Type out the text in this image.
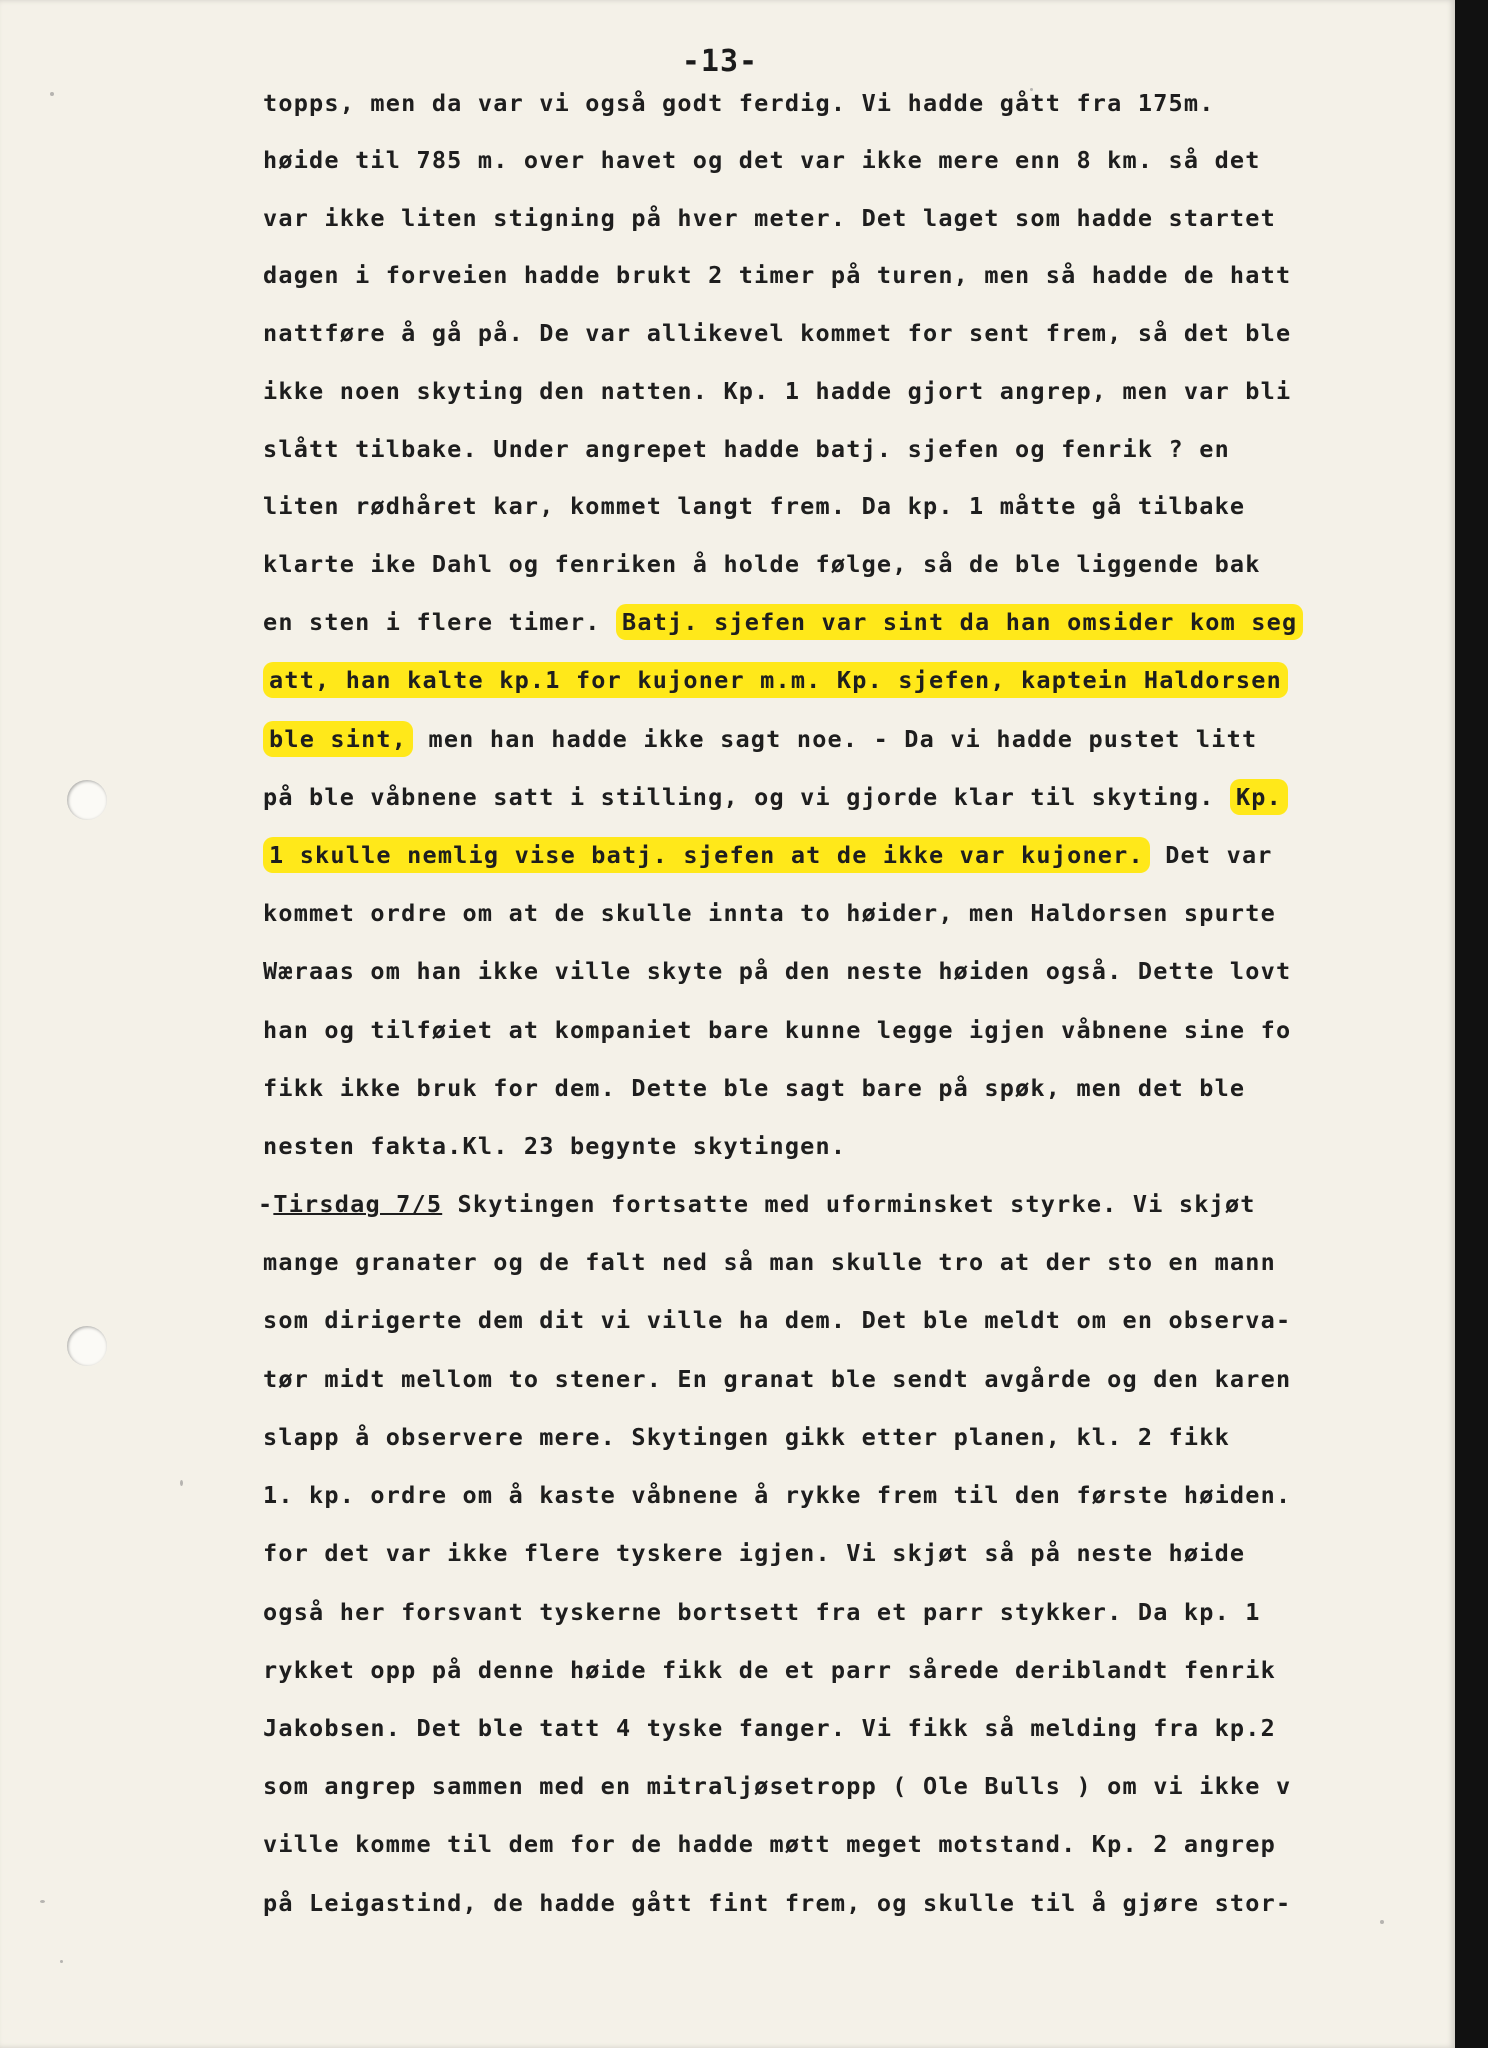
-13-
topps, men da var vi også godt ferdig. Vi hadde gått fra 175m.
høide til 785 m. over havet og det var ikke mere enn 8 km. så det
var ikke liten stigning på hver meter. Det laget som hadde startet
dagen i forveien hadde brukt 2 timer på turen, men så hadde de hatt
nattføre å gå på. De var allikevel kommet for sent frem, så det ble
ikke noen skyting den natten. Kp. 1 hadde gjort angrep, men var bli
slått tilbake. Under angrepet hadde batj. sjefen og fenrik ? en
liten rødhåret kar, kommet langt frem. Da kp. 1 måtte gå tilbake
klarte ike Dahl og fenriken å holde følge, så de ble liggende bak
en sten i flere timer. Batj. sjefen var sint da han omsider kom seg
att, han kalte kp.1 for kujoner m.m. Kp. sjefen, kaptein Haldorsen
ble sint, men han hadde ikke sagt noe. - Da vi hadde pustet litt
på ble våbnene satt i stilling, og vi gjorde klar til skyting. Kp.
1 skulle nemlig vise batj. sjefen at de ikke var kujoner. Det var
kommet ordre om at de skulle innta to høider, men Haldorsen spurte
Wæraas om han ikke ville skyte på den neste høiden også. Dette lovt
han og tilføiet at kompaniet bare kunne legge igjen våbnene sine fo
fikk ikke bruk for dem. Dette ble sagt bare på spøk, men det ble
nesten fakta.Kl. 23 begynte skytingen.
-Tirsdag 7/5 Skytingen fortsatte med uforminsket styrke. Vi skjøt
mange granater og de falt ned så man skulle tro at der sto en mann
som dirigerte dem dit vi ville ha dem. Det ble meldt om en observa-
tør midt mellom to stener. En granat ble sendt avgårde og den karen
slapp å observere mere. Skytingen gikk etter planen, kl. 2 fikk
1. kp. ordre om å kaste våbnene å rykke frem til den første høiden.
for det var ikke flere tyskere igjen. Vi skjøt så på neste høide
også her forsvant tyskerne bortsett fra et parr stykker. Da kp. 1
rykket opp på denne høide fikk de et parr sårede deriblandt fenrik
Jakobsen. Det ble tatt 4 tyske fanger. Vi fikk så melding fra kp.2
som angrep sammen med en mitraljøsetropp ( Ole Bulls ) om vi ikke v
ville komme til dem for de hadde møtt meget motstand. Kp. 2 angrep
på Leigastind, de hadde gått fint frem, og skulle til å gjøre stor-
